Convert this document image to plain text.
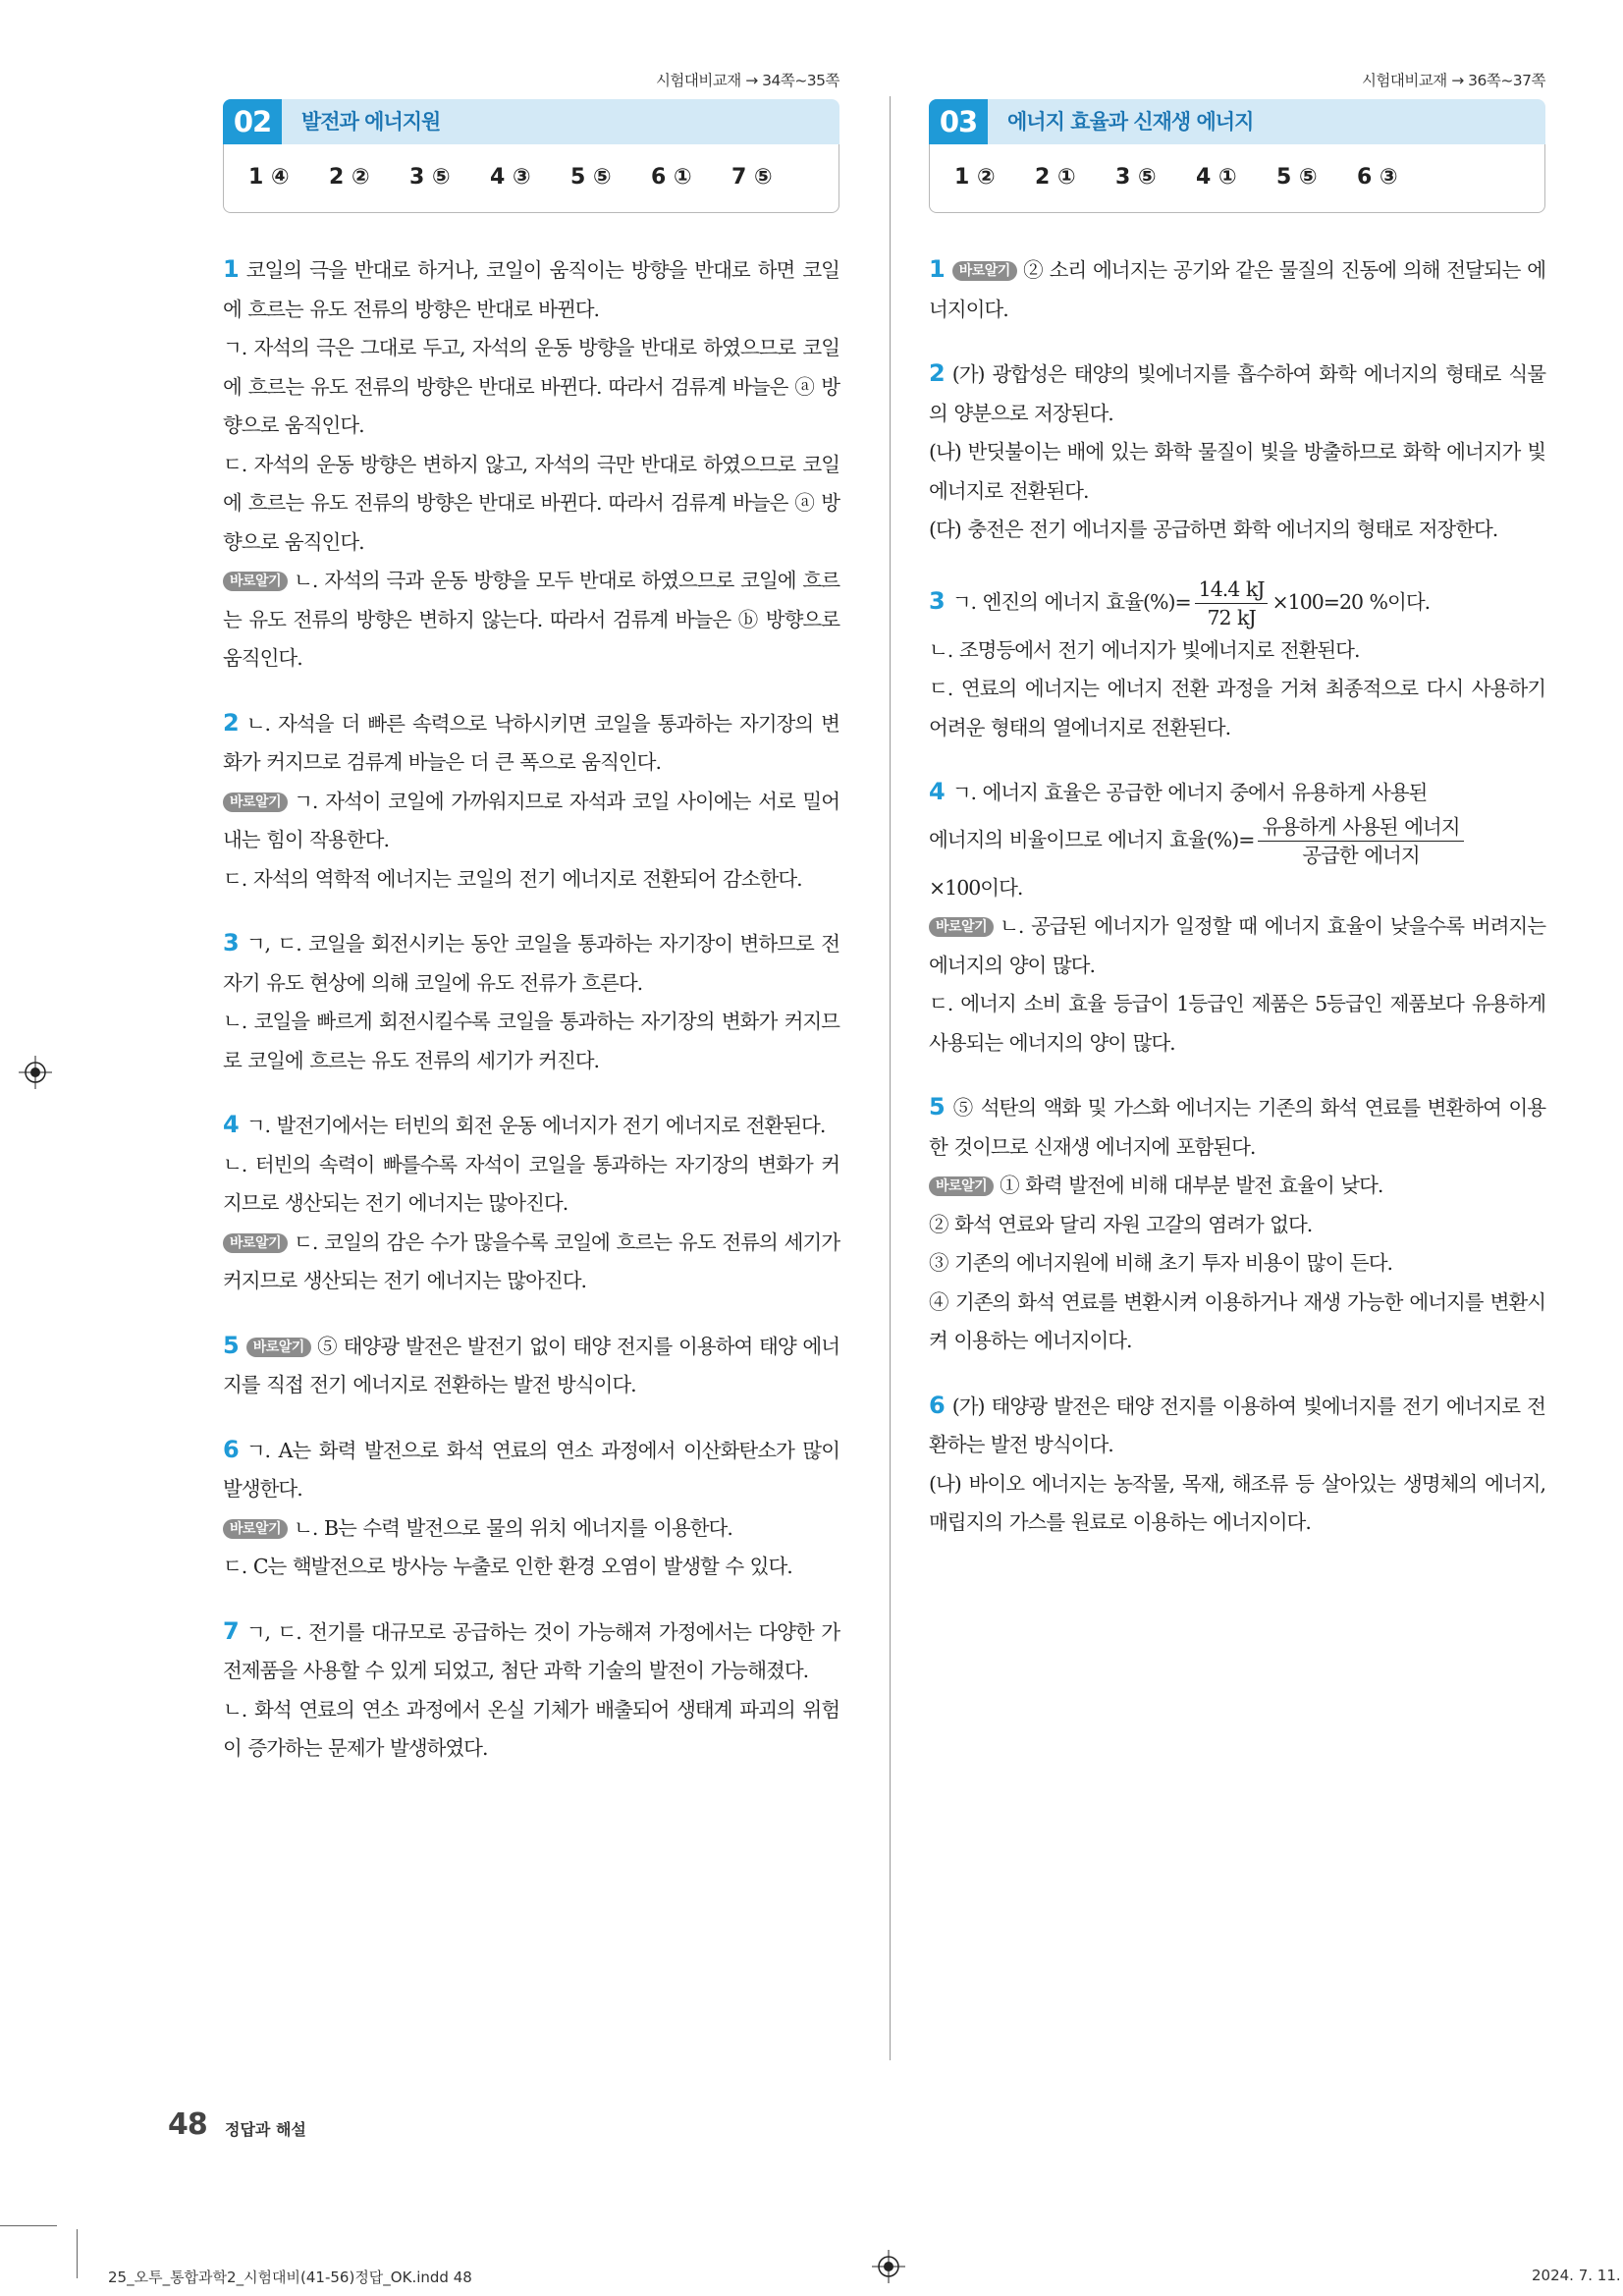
시험대비교재 → 34쪽~35쪽
02	발전과 에너지원
1 ④ 2 ② 3 ⑤ 4 ③ 5 ⑤ 6 ① 7 ⑤

1 코일의 극을 반대로 하거나, 코일이 움직이는 방향을 반대로 하면 코일에 흐르는 유도 전류의 방향은 반대로 바뀐다.

ㄱ. 자석의 극은 그대로 두고, 자석의 운동 방향을 반대로 하였으므로 코일에 흐르는 유도 전류의 방향은 반대로 바뀐다. 따라서 검류계 바늘은 ⓐ 방향으로 움직인다.

ㄷ. 자석의 운동 방향은 변하지 않고, 자석의 극만 반대로 하였으므로 코일에 흐르는 유도 전류의 방향은 반대로 바뀐다. 따라서 검류계 바늘은 ⓐ 방향으로 움직인다.

바로알기 ㄴ. 자석의 극과 운동 방향을 모두 반대로 하였으므로 코일에 흐르는 유도 전류의 방향은 변하지 않는다. 따라서 검류계 바늘은 ⓑ 방향으로 움직인다.

2 ㄴ. 자석을 더 빠른 속력으로 낙하시키면 코일을 통과하는 자기장의 변화가 커지므로 검류계 바늘은 더 큰 폭으로 움직인다.

바로알기 ㄱ. 자석이 코일에 가까워지므로 자석과 코일 사이에는 서로 밀어내는 힘이 작용한다.

ㄷ. 자석의 역학적 에너지는 코일의 전기 에너지로 전환되어 감소한다.

3 ㄱ, ㄷ. 코일을 회전시키는 동안 코일을 통과하는 자기장이 변하므로 전자기 유도 현상에 의해 코일에 유도 전류가 흐른다.

ㄴ. 코일을 빠르게 회전시킬수록 코일을 통과하는 자기장의 변화가 커지므로 코일에 흐르는 유도 전류의 세기가 커진다.

4 ㄱ. 발전기에서는 터빈의 회전 운동 에너지가 전기 에너지로 전환된다.

ㄴ. 터빈의 속력이 빠를수록 자석이 코일을 통과하는 자기장의 변화가 커지므로 생산되는 전기 에너지는 많아진다.

바로알기 ㄷ. 코일의 감은 수가 많을수록 코일에 흐르는 유도 전류의 세기가 커지므로 생산되는 전기 에너지는 많아진다.

5 바로알기 ⑤ 태양광 발전은 발전기 없이 태양 전지를 이용하여 태양 에너지를 직접 전기 에너지로 전환하는 발전 방식이다.

6 ㄱ. A는 화력 발전으로 화석 연료의 연소 과정에서 이산화탄소가 많이 발생한다.

바로알기 ㄴ. B는 수력 발전으로 물의 위치 에너지를 이용한다.

ㄷ. C는 핵발전으로 방사능 누출로 인한 환경 오염이 발생할 수 있다.

7 ㄱ, ㄷ. 전기를 대규모로 공급하는 것이 가능해져 가정에서는 다양한 가전제품을 사용할 수 있게 되었고, 첨단 과학 기술의 발전이 가능해졌다.

ㄴ. 화석 연료의 연소 과정에서 온실 기체가 배출되어 생태계 파괴의 위험이 증가하는 문제가 발생하였다.

시험대비교재 → 36쪽~37쪽
03	에너지 효율과 신재생 에너지
1 ② 2 ① 3 ⑤ 4 ① 5 ⑤ 6 ③

1 바로알기 ② 소리 에너지는 공기와 같은 물질의 진동에 의해 전달되는 에너지이다.

2 (가) 광합성은 태양의 빛에너지를 흡수하여 화학 에너지의 형태로 식물의 양분으로 저장된다.

(나) 반딧불이는 배에 있는 화학 물질이 빛을 방출하므로 화학 에너지가 빛에너지로 전환된다.

(다) 충전은 전기 에너지를 공급하면 화학 에너지의 형태로 저장한다.

3 ㄱ. 엔진의 에너지 효율(%)= $\frac{14.4 kJ}{72 kJ} \times 100=20$ %이다.

ㄴ. 조명등에서 전기 에너지가 빛에너지로 전환된다.

ㄷ. 연료의 에너지는 에너지 전환 과정을 거쳐 최종적으로 다시 사용하기 어려운 형태의 열에너지로 전환된다.

4 ㄱ. 에너지 효율은 공급한 에너지 중에서 유용하게 사용된

에너지의 비율이므로 에너지 효율(%)= $\frac{\text{유용하게 사용된 에너지}}{\text{공급한 에너지}}$

×100이다.

바로알기 ㄴ. 공급된 에너지가 일정할 때 에너지 효율이 낮을수록 버려지는 에너지의 양이 많다.

ㄷ. 에너지 소비 효율 등급이 1등급인 제품은 5등급인 제품보다 유용하게 사용되는 에너지의 양이 많다.

5 ⑤ 석탄의 액화 및 가스화 에너지는 기존의 화석 연료를 변환하여 이용한 것이므로 신재생 에너지에 포함된다.

바로알기 ① 화력 발전에 비해 대부분 발전 효율이 낮다.

② 화석 연료와 달리 자원 고갈의 염려가 없다.

③ 기존의 에너지원에 비해 초기 투자 비용이 많이 든다.

④ 기존의 화석 연료를 변환시켜 이용하거나 재생 가능한 에너지를 변환시켜 이용하는 에너지이다.

6 (가) 태양광 발전은 태양 전지를 이용하여 빛에너지를 전기 에너지로 전환하는 발전 방식이다.

(나) 바이오 에너지는 농작물, 목재, 해조류 등 살아있는 생명체의 에너지, 매립지의 가스를 원료로 이용하는 에너지이다.

48 정답과 해설
25_오투_통합과학2_시험대비(41-56)정답_OK.indd 48	2024. 7. 11.
